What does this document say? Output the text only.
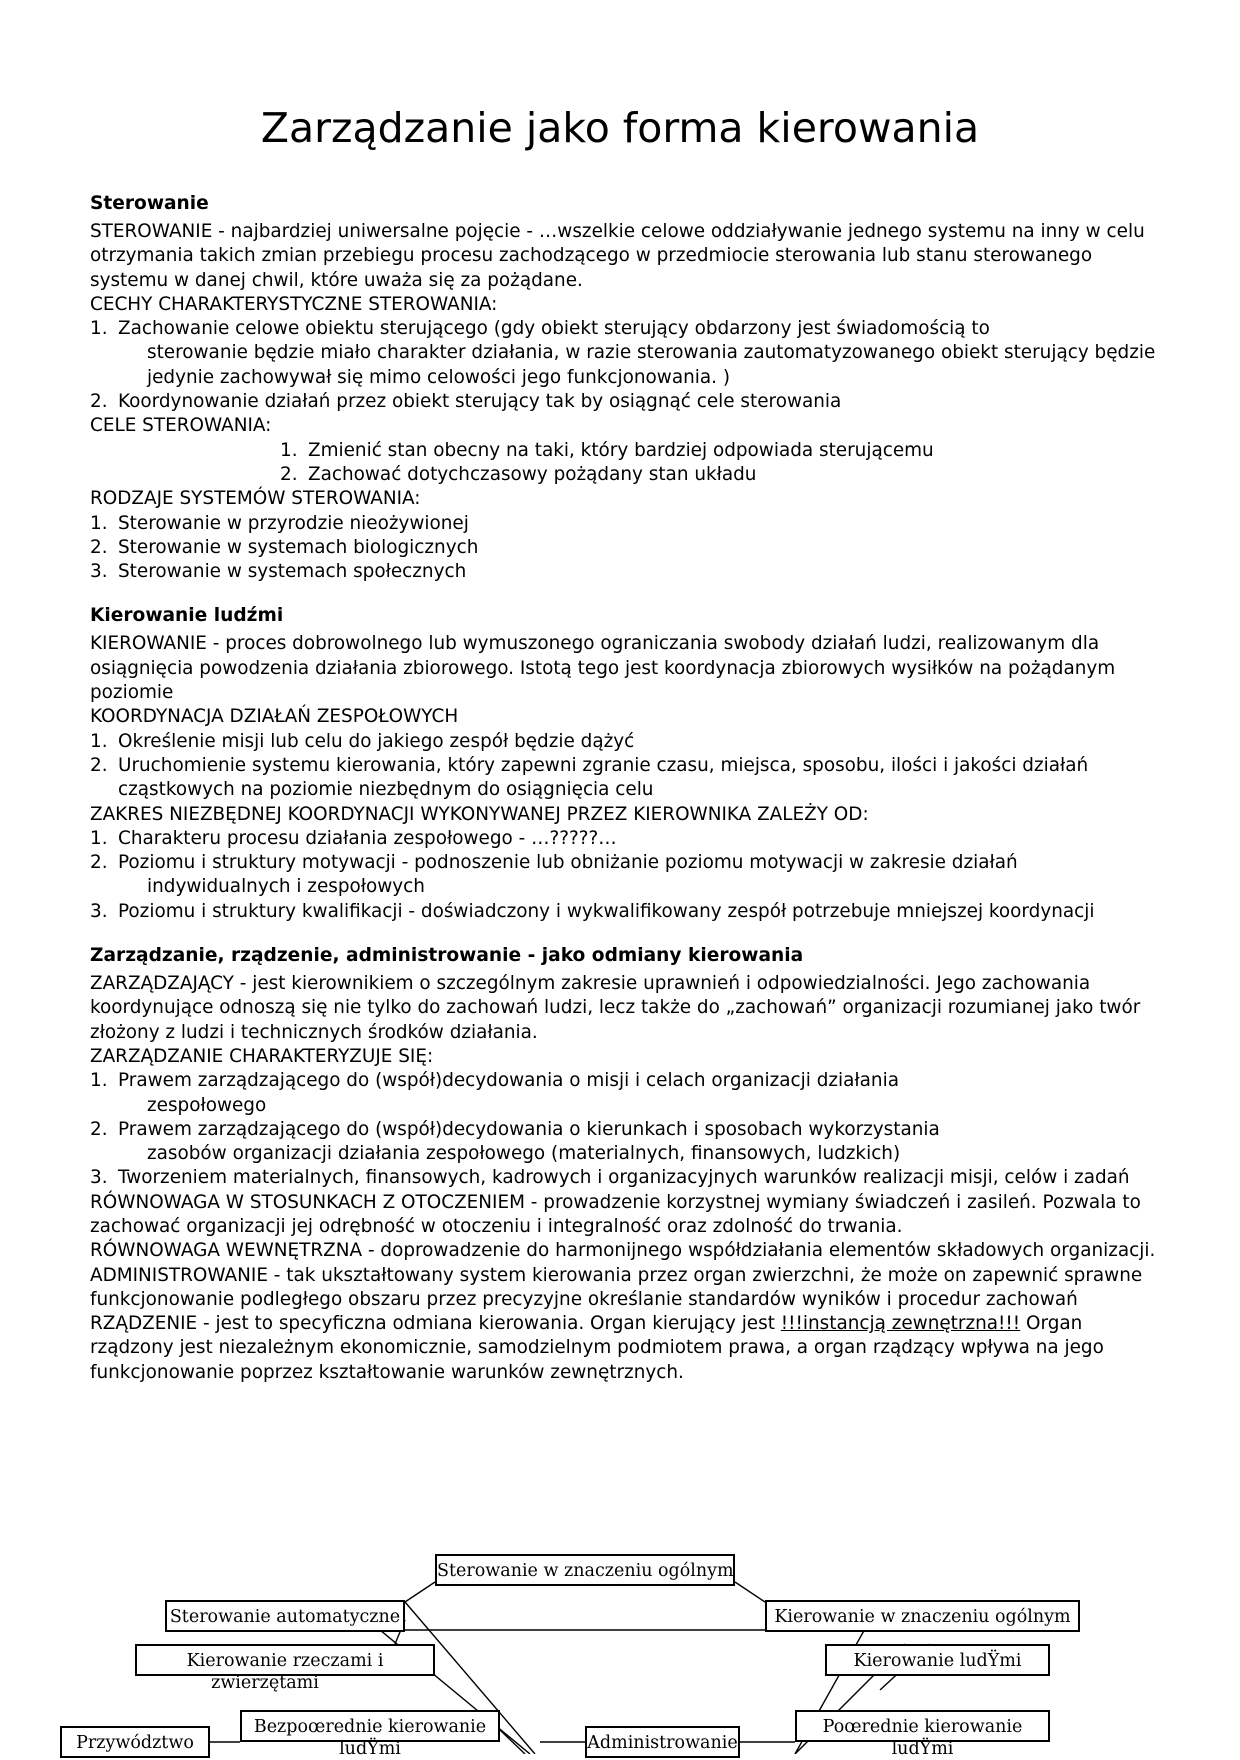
Zarządzanie jako forma kierowania
Sterowanie

STEROWANIE - najbardziej uniwersalne pojęcie - …wszelkie celowe oddziaływanie jednego systemu na inny w celu otrzymania takich zmian przebiegu procesu zachodzącego w przedmiocie sterowania lub stanu sterowanego systemu w danej chwil, które uważa się za pożądane.

CECHY CHARAKTERYSTYCZNE STEROWANIA:

1. Zachowanie celowe obiektu sterującego (gdy obiekt sterujący obdarzony jest świadomością to
sterowanie będzie miało charakter działania, w razie sterowania zautomatyzowanego obiekt sterujący będzie jedynie zachowywał się mimo celowości jego funkcjonowania. )
2. Koordynowanie działań przez obiekt sterujący tak by osiągnąć cele sterowania

CELE STEROWANIA:

1. Zmienić stan obecny na taki, który bardziej odpowiada sterującemu
2. Zachować dotychczasowy pożądany stan układu

RODZAJE SYSTEMÓW STEROWANIA:

1. Sterowanie w przyrodzie nieożywionej
2. Sterowanie w systemach biologicznych
3. Sterowanie w systemach społecznych
Kierowanie ludźmi

KIEROWANIE - proces dobrowolnego lub wymuszonego ograniczania swobody działań ludzi, realizowanym dla osiągnięcia powodzenia działania zbiorowego. Istotą tego jest koordynacja zbiorowych wysiłków na pożądanym poziomie

KOORDYNACJA DZIAŁAŃ ZESPOŁOWYCH

1. Określenie misji lub celu do jakiego zespół będzie dążyć
2. Uruchomienie systemu kierowania, który zapewni zgranie czasu, miejsca, sposobu, ilości i jakości działań cząstkowych na poziomie niezbędnym do osiągnięcia celu

ZAKRES NIEZBĘDNEJ KOORDYNACJI WYKONYWANEJ PRZEZ KIEROWNIKA ZALEŻY OD:

1. Charakteru procesu działania zespołowego - …?????…
2. Poziomu i struktury motywacji - podnoszenie lub obniżanie poziomu motywacji w zakresie działań
indywidualnych i zespołowych
3. Poziomu i struktury kwalifikacji - doświadczony i wykwalifikowany zespół potrzebuje mniejszej koordynacji
Zarządzanie, rządzenie, administrowanie - jako odmiany kierowania

ZARZĄDZAJĄCY - jest kierownikiem o szczególnym zakresie uprawnień i odpowiedzialności. Jego zachowania koordynujące odnoszą się nie tylko do zachowań ludzi, lecz także do „zachowań” organizacji rozumianej jako twór złożony z ludzi i technicznych środków działania.

ZARZĄDZANIE CHARAKTERYZUJE SIĘ:

1. Prawem zarządzającego do (współ)decydowania o misji i celach organizacji działania
zespołowego
2. Prawem zarządzającego do (współ)decydowania o kierunkach i sposobach wykorzystania
zasobów organizacji działania zespołowego (materialnych, finansowych, ludzkich)
3. Tworzeniem materialnych, finansowych, kadrowych i organizacyjnych warunków realizacji misji, celów i zadań

RÓWNOWAGA W STOSUNKACH Z OTOCZENIEM - prowadzenie korzystnej wymiany świadczeń i zasileń. Pozwala to zachować organizacji jej odrębność w otoczeniu i integralność oraz zdolność do trwania.

RÓWNOWAGA WEWNĘTRZNA - doprowadzenie do harmonijnego współdziałania elementów składowych organizacji.

ADMINISTROWANIE - tak ukształtowany system kierowania przez organ zwierzchni, że może on zapewnić sprawne funkcjonowanie podległego obszaru przez precyzyjne określanie standardów wyników i procedur zachowań

RZĄDZENIE - jest to specyficzna odmiana kierowania. Organ kierujący jest !!!instancją zewnętrzna!!! Organ rządzony jest niezależnym ekonomicznie, samodzielnym podmiotem prawa, a organ rządzący wpływa na jego funkcjonowanie poprzez kształtowanie warunków zewnętrznych.

Sterowanie w znaczeniu ogólnym
Sterowanie automatyczne	Kierowanie w znaczeniu ogólnym
Kierowanie rzeczami i
zwierzętami
Kierowanie ludŸmi
Przywództwo
Bezpoœrednie kierowanie
ludŸmi	Administrowanie
Poœrednie kierowanie
ludŸmi
